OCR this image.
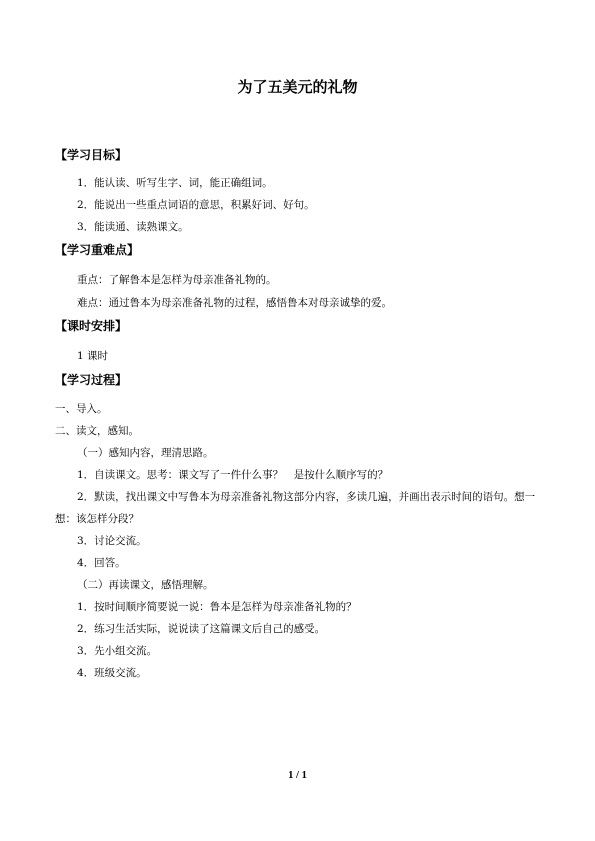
为了五美元的礼物
【学习目标】
1．能认读、听写生字、词，能正确组词。
2．能说出一些重点词语的意思，积累好词、好句。
3．能读通、读熟课文。
【学习重难点】
重点：了解鲁本是怎样为母亲准备礼物的。
难点：通过鲁本为母亲准备礼物的过程，感悟鲁本对母亲诚挚的爱。
【课时安排】
1 课时
【学习过程】
一、导入。
二、读文，感知。
（一）感知内容，理清思路。
1．自读课文。思考：课文写了一件什么事？　是按什么顺序写的？
2．默读，找出课文中写鲁本为母亲准备礼物这部分内容，多读几遍，并画出表示时间的语句。想一想：该怎样分段？
3．讨论交流。
4．回答。
（二）再读课文，感悟理解。
1．按时间顺序简要说一说：鲁本是怎样为母亲准备礼物的？
2．练习生活实际，说说读了这篇课文后自己的感受。
3．先小组交流。
4．班级交流。
1 / 1
